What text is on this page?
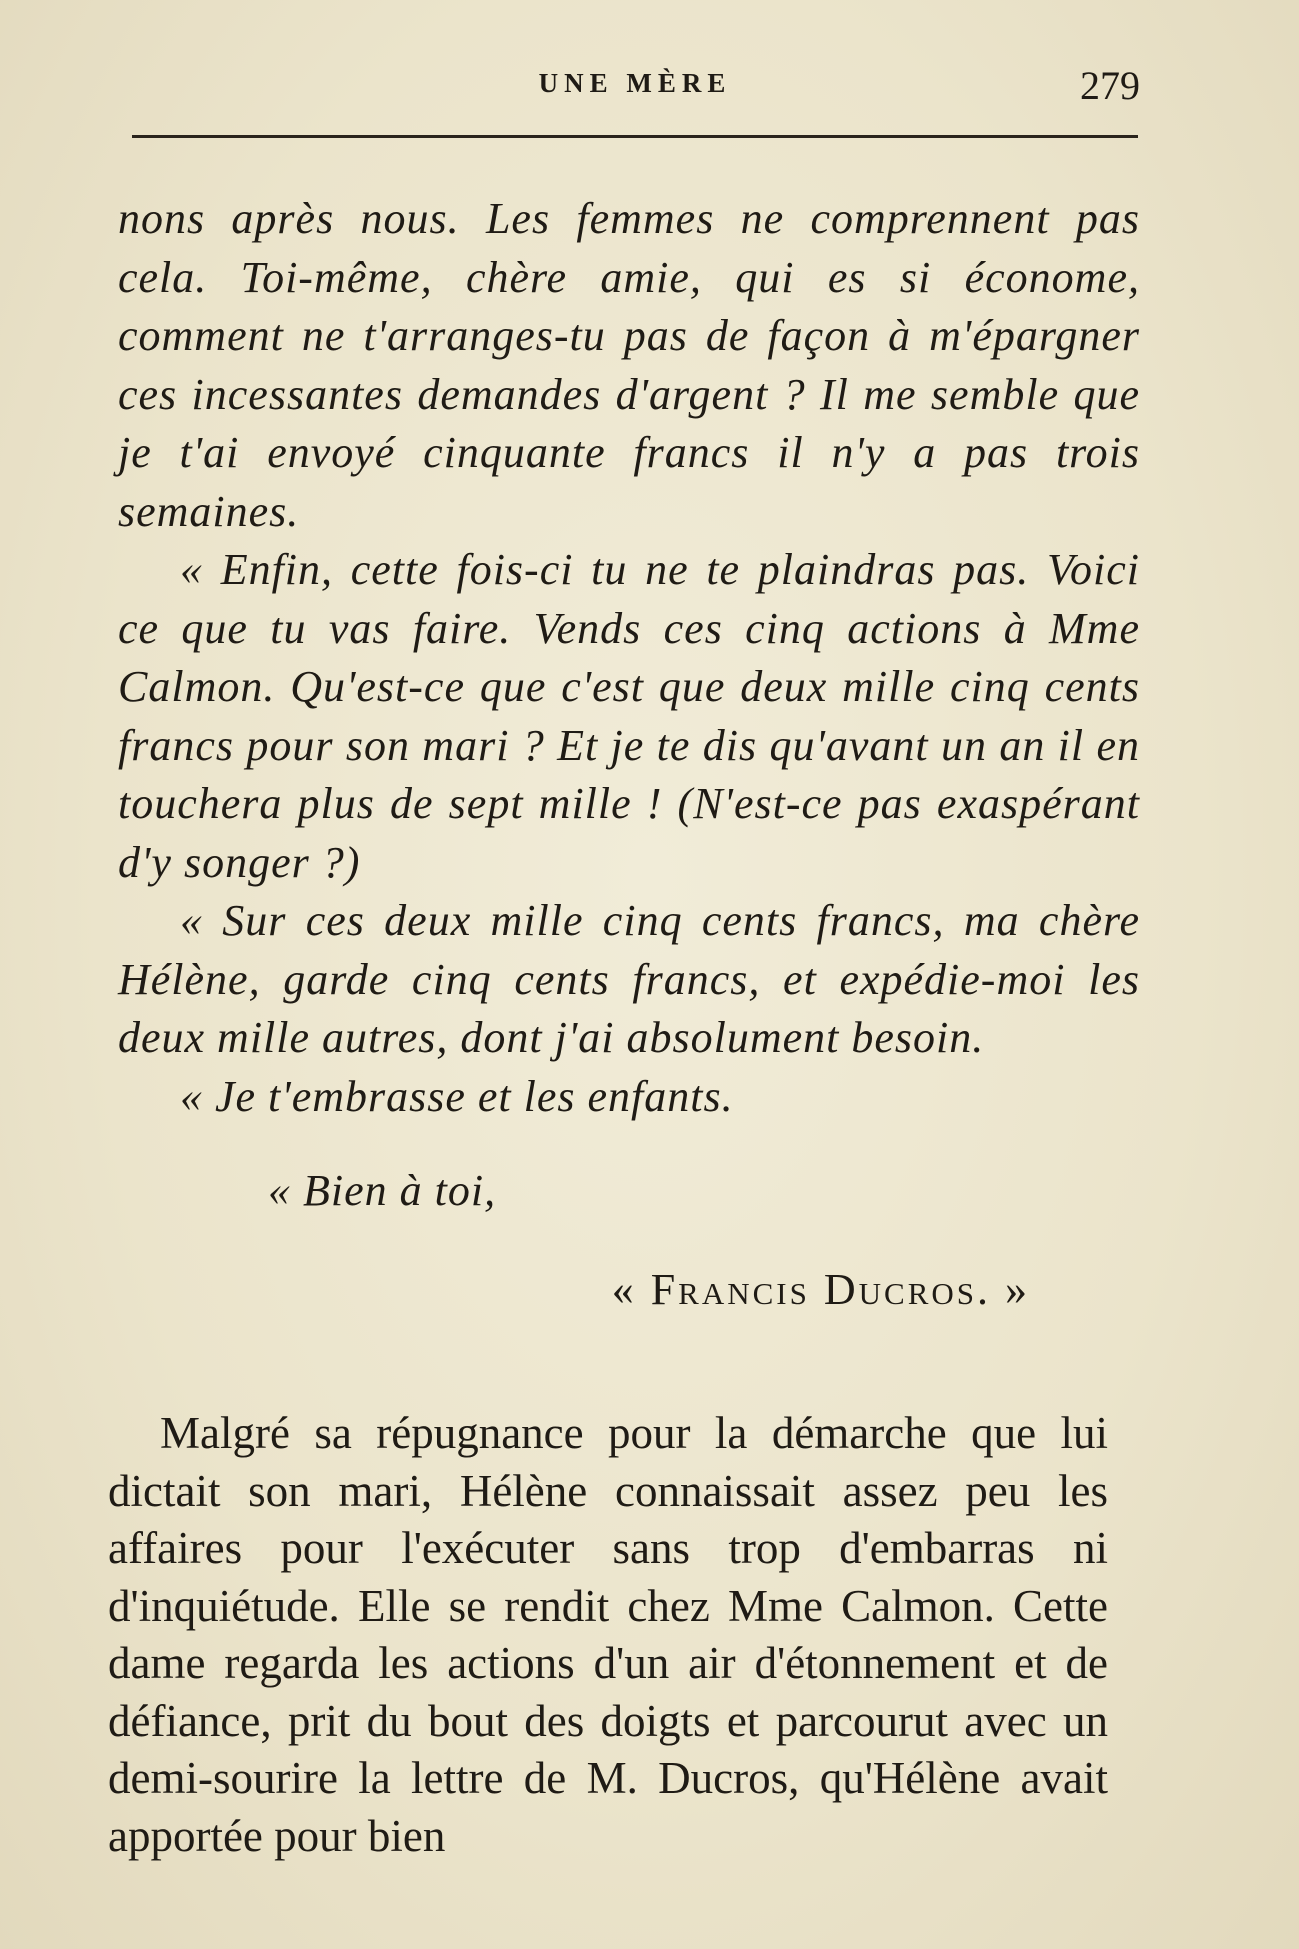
UNE MÈRE	279

nons après nous. Les femmes ne comprennent pas cela. Toi-même, chère amie, qui es si économe, comment ne t'arranges-tu pas de façon à m'épargner ces incessantes demandes d'argent ? Il me semble que je t'ai envoyé cinquante francs il n'y a pas trois semaines.

« Enfin, cette fois-ci tu ne te plaindras pas. Voici ce que tu vas faire. Vends ces cinq actions à Mme Calmon. Qu'est-ce que c'est que deux mille cinq cents francs pour son mari ? Et je te dis qu'avant un an il en touchera plus de sept mille ! (N'est-ce pas exaspérant d'y songer ?)

« Sur ces deux mille cinq cents francs, ma chère Hélène, garde cinq cents francs, et expédie-moi les deux mille autres, dont j'ai absolument besoin.

« Je t'embrasse et les enfants.

« Bien à toi,

« Francis Ducros. »

Malgré sa répugnance pour la démarche que lui dictait son mari, Hélène connaissait assez peu les affaires pour l'exécuter sans trop d'embarras ni d'inquiétude. Elle se rendit chez Mme Calmon. Cette dame regarda les actions d'un air d'étonnement et de défiance, prit du bout des doigts et parcourut avec un demi-sourire la lettre de M. Ducros, qu'Hélène avait apportée pour bien
